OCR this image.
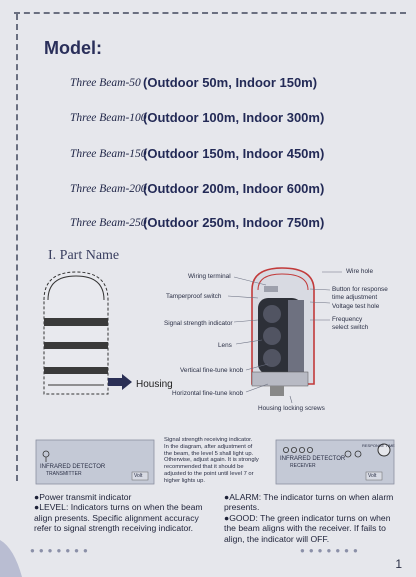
Model:
Three Beam-50 (Outdoor 50m, Indoor 150m)
Three Beam-100
(Outdoor 100m, Indoor 300m)
Three Beam-150
(Outdoor 150m, Indoor 450m)
Three Beam-200
(Outdoor 200m, Indoor 600m)
Three Beam-250
(Outdoor 250m, Indoor 750m)
I. Part Name
Wiring terminal
Wire hole
Tamperproof switch
Button for response
time adjustment
Voltage test hole
Signal strength indicator
Frequency
select switch
Lens
Vertical fine-tune knob
Horizontal fine-tune knob
Housing locking screws
Housing
Signal strength receiving indicator.
In the diagram, after adjustment of
the beam, the level 5 shall light up.
Otherwise, adjust again. It is strongly
recommended that it should be
adjusted to the point until level 7 or
higher lights up.
INFRARED DETECTOR
TRANSMITTER	Volt
INFRARED DETECTOR
RECEIVER
RESPONSE TIME
Volt
●Power transmit indicator
●LEVEL: Indicators turns on when the beam
align presents. Specific alignment accuracy
refer to signal strength receiving indicator.
●ALARM: The indicator turns on when alarm
presents.
●GOOD: The green indicator turns on when
the beam aligns with the receiver. If fails to
align, the indicator will OFF.
●●●●●●●	●●●●●●●
1
